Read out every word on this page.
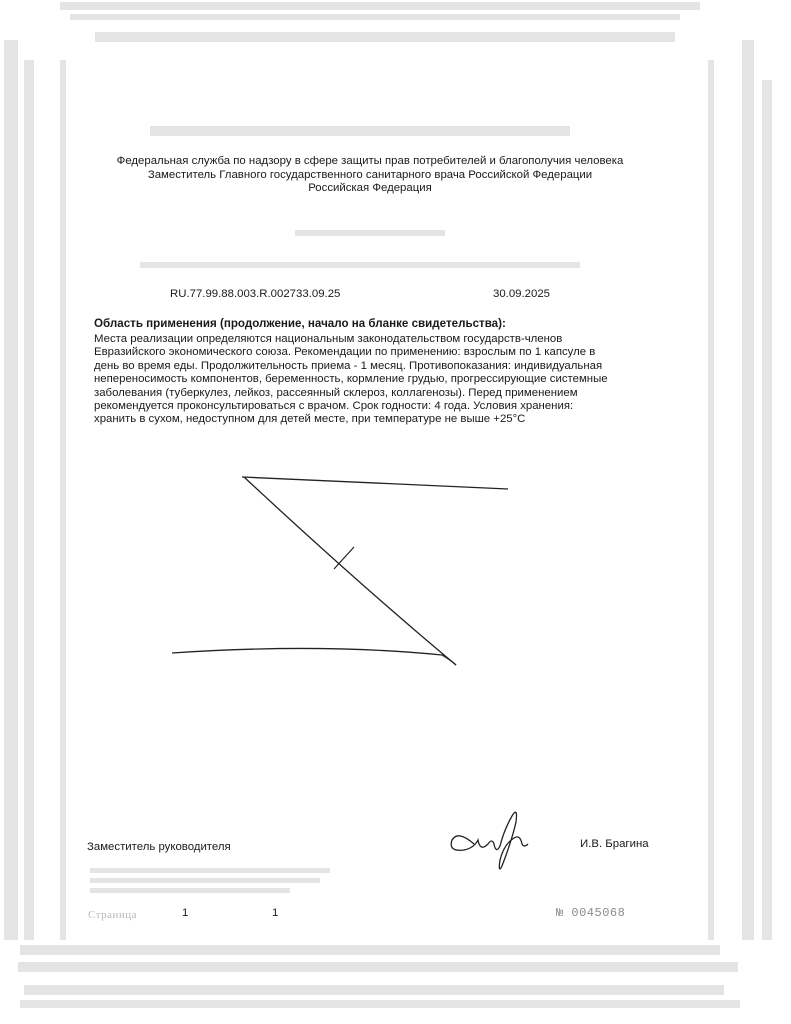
Федеральная служба по надзору в сфере защиты прав потребителей и благополучия человека
Заместитель Главного государственного санитарного врача Российской Федерации
Российская Федерация
RU.77.99.88.003.R.002733.09.25	30.09.2025
Область применения (продолжение, начало на бланке свидетельства):
Места реализации определяются национальным законодательством государств-членов
Евразийского экономического союза. Рекомендации по применению: взрослым по 1 капсуле в
день во время еды. Продолжительность приема - 1 месяц. Противопоказания: индивидуальная
непереносимость компонентов, беременность, кормление грудью, прогрессирующие системные
заболевания (туберкулез, лейкоз, рассеянный склероз, коллагенозы). Перед применением
рекомендуется проконсультироваться с врачом. Срок годности: 4 года. Условия хранения:
хранить в сухом, недоступном для детей месте, при температуре не выше +25°С
Заместитель руководителя	И.В. Брагина
Страница	1	1	№ 0045068
